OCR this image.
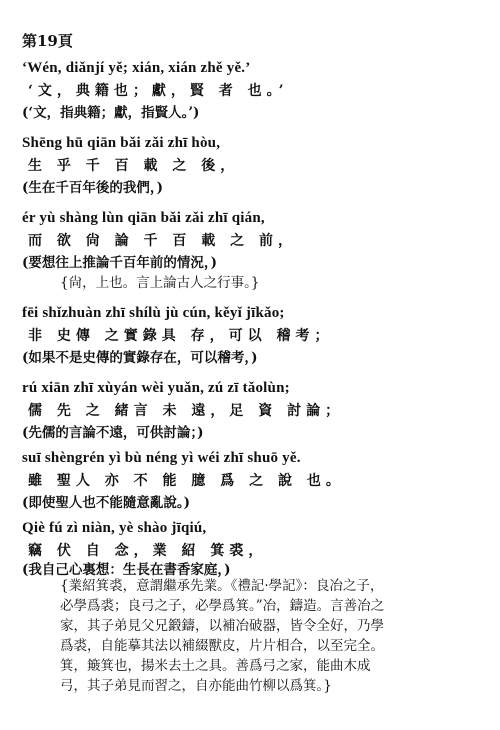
第19頁
‘Wén, diǎnjí yě; xián, xián zhě yě.’
‘文，典籍也；獻，賢 者 也。’
(‘文，指典籍；獻，指賢人。’)
Shēng hū qiān bǎi zǎi zhī hòu,
生 乎 千 百 載 之 後，
(生在千百年後的我們，)
ér yù shàng lùn qiān bǎi zǎi zhī qián,
而 欲 尙 論 千 百 載 之 前，
(要想往上推論千百年前的情況，)
{尙，上也。言上論古人之行事。}
fēi shǐzhuàn zhī shílù jù cún, kěyǐ jīkǎo;
非 史傳 之實錄具 存，可以 稽考；
(如果不是史傳的實錄存在，可以稽考，)
rú xiān zhī xùyán wèi yuǎn, zú zī tǎolùn;
儒 先 之 緒言 未 遠，足 資 討論；
(先儒的言論不遠，可供討論；)
suī shèngrén yì bù néng yì wéi zhī shuō yě.
雖 聖人 亦 不 能 臆 爲 之 說 也。
(即使聖人也不能隨意亂說。)
Qiè fú zì niàn, yè shào jīqiú,
竊 伏 自 念，業 紹 箕裘，
(我自己心裏想：生長在書香家庭，)
{業紹箕裘，意謂繼承先業。《禮記·學記》：良冶之子，
必學爲裘；良弓之子，必學爲箕。”冶，鑄造。言善冶之
家，其子弟見父兄鍛鑄，以補冶破器，皆令全好，乃學
爲裘，自能摹其法以補綴獸皮，片片相合，以至完全。
箕，簸箕也，揚米去土之具。善爲弓之家，能曲木成
弓，其子弟見而習之，自亦能曲竹柳以爲箕。}
